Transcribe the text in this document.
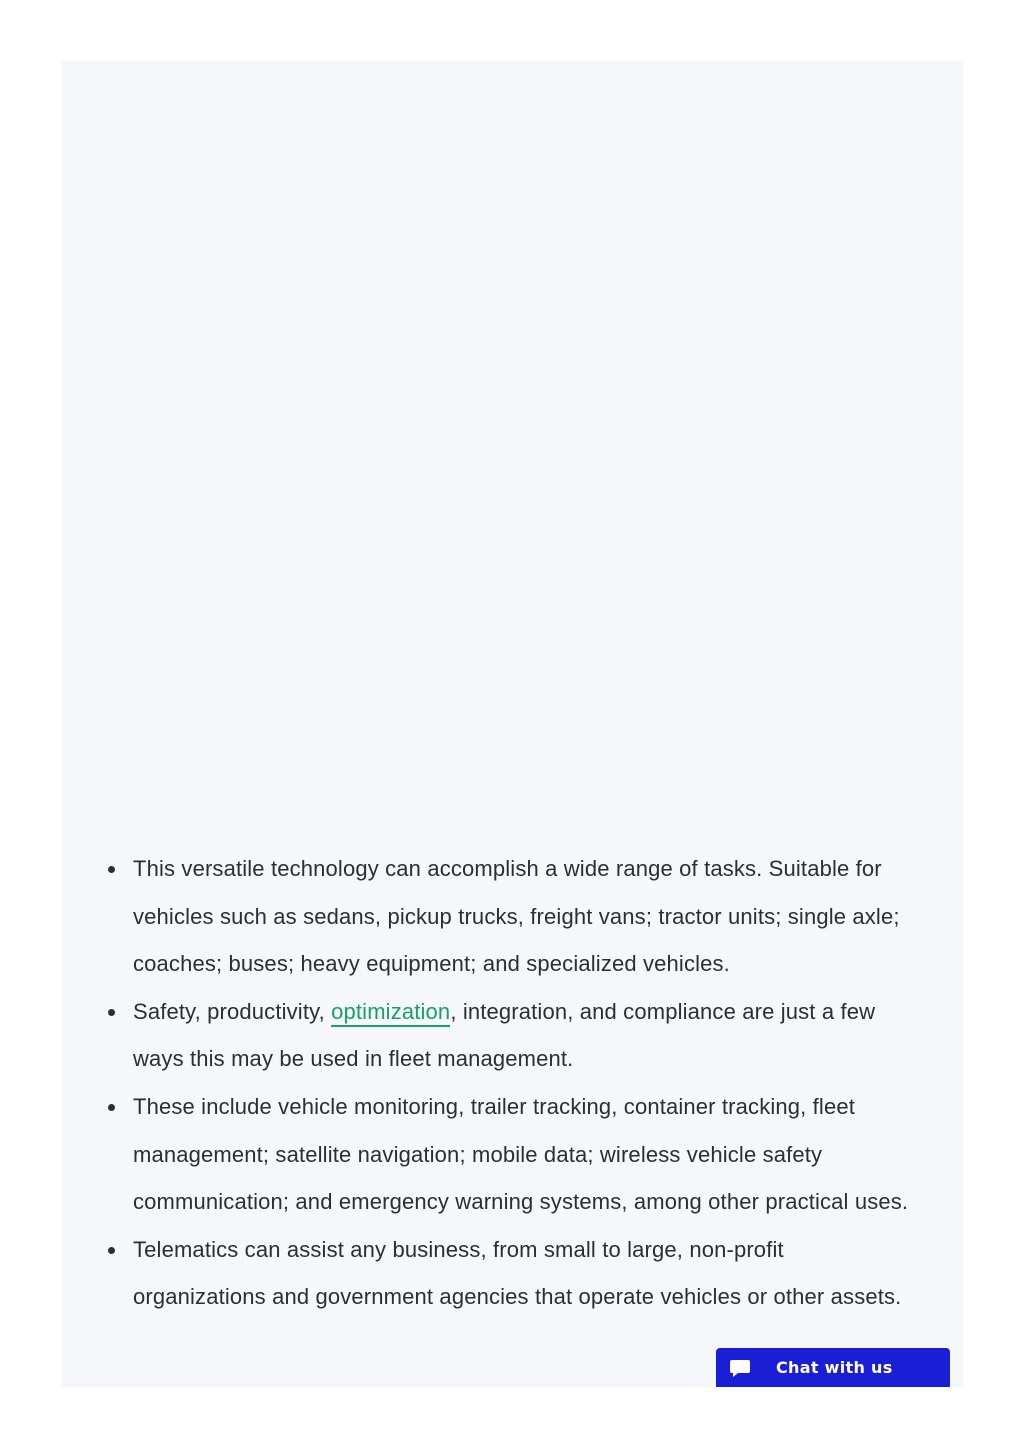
This versatile technology can accomplish a wide range of tasks. Suitable for vehicles such as sedans, pickup trucks, freight vans; tractor units; single axle; coaches; buses; heavy equipment; and specialized vehicles.
Safety, productivity, optimization, integration, and compliance are just a few ways this may be used in fleet management.
These include vehicle monitoring, trailer tracking, container tracking, fleet management; satellite navigation; mobile data; wireless vehicle safety communication; and emergency warning systems, among other practical uses.
Telematics can assist any business, from small to large, non-profit organizations and government agencies that operate vehicles or other assets.
Chat with us
